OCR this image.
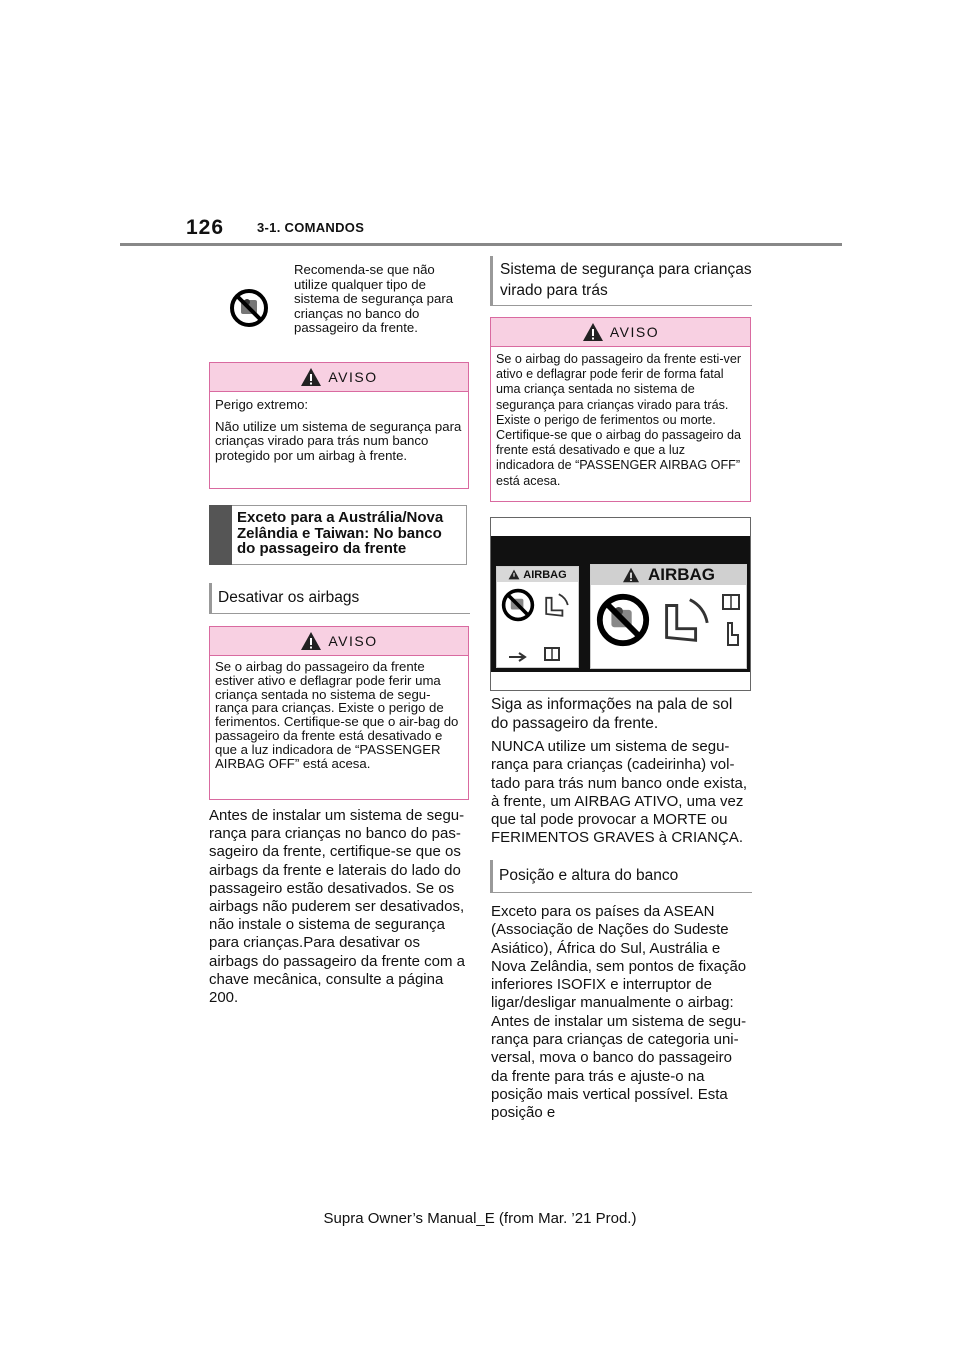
126	3-1. COMANDOS
Recomenda-se que não utilize qualquer tipo de sistema de segurança para crianças no banco do passageiro da frente.
AVISO
Perigo extremo:
Não utilize um sistema de segurança para crianças virado para trás num banco protegido por um airbag à frente.
Exceto para a Austrália/Nova Zelândia e Taiwan: No banco do passageiro da frente
Desativar os airbags
AVISO
Se o airbag do passageiro da frente estiver ativo e deflagrar pode ferir uma criança sentada no sistema de segu-rança para crianças. Existe o perigo de ferimentos. Certifique-se que o air-bag do passageiro da frente está desativado e que a luz indicadora de “PASSENGER AIRBAG OFF” está acesa.
Antes de instalar um sistema de segu-rança para crianças no banco do pas-sageiro da frente, certifique-se que os airbags da frente e laterais do lado do passageiro estão desativados. Se os airbags não puderem ser desativados, não instale o sistema de segurança para crianças.Para desativar os airbags do passageiro da frente com a chave mecânica, consulte a página 200.
Sistema de segurança para crianças virado para trás
AVISO
Se o airbag do passageiro da frente esti-ver ativo e deflagrar pode ferir de forma fatal uma criança sentada no sistema de segurança para crianças virado para trás. Existe o perigo de ferimentos ou morte. Certifique-se que o airbag do passageiro da frente está desativado e que a luz indicadora de “PASSENGER AIRBAG OFF” está acesa.
AIRBAG	AIRBAG
Siga as informações na pala de sol do passageiro da frente.
NUNCA utilize um sistema de segu-rança para crianças (cadeirinha) vol-tado para trás num banco onde exista, à frente, um AIRBAG ATIVO, uma vez que tal pode provocar a MORTE ou FERIMENTOS GRAVES à CRIANÇA.
Posição e altura do banco
Exceto para os países da ASEAN (Associação de Nações do Sudeste Asiático), África do Sul, Austrália e Nova Zelândia, sem pontos de fixação inferiores ISOFIX e interruptor de ligar/desligar manualmente o airbag: Antes de instalar um sistema de segu-rança para crianças de categoria uni-versal, mova o banco do passageiro da frente para trás e ajuste-o na posição mais vertical possível. Esta posição e
Supra Owner’s Manual_E (from Mar. ’21 Prod.)
